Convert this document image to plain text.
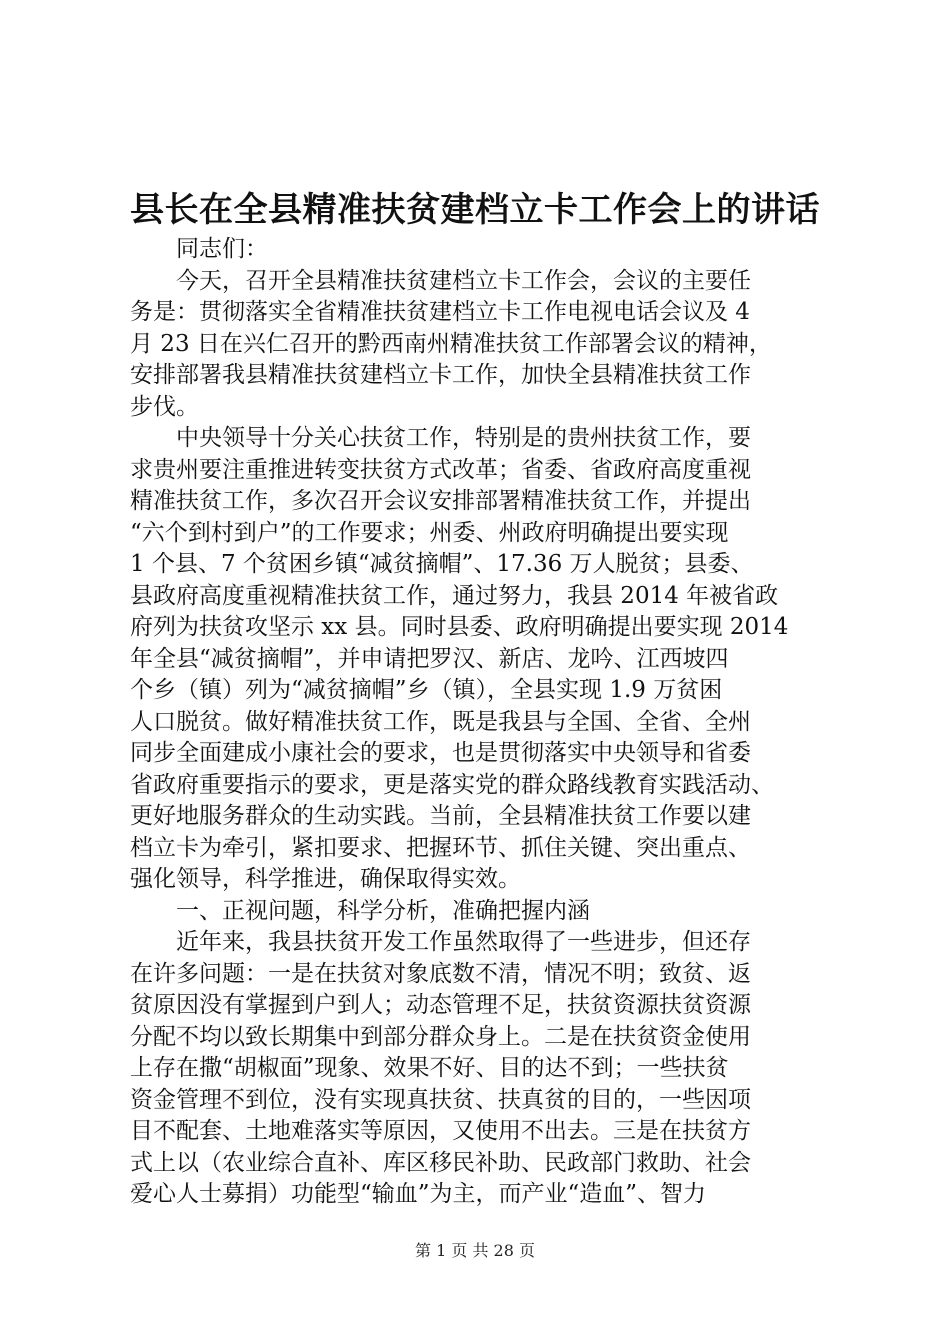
县长在全县精准扶贫建档立卡工作会上的讲话
　　同志们：
　　今天，召开全县精准扶贫建档立卡工作会，会议的主要任
务是：贯彻落实全省精准扶贫建档立卡工作电视电话会议及 4
月 23 日在兴仁召开的黔西南州精准扶贫工作部署会议的精神，
安排部署我县精准扶贫建档立卡工作，加快全县精准扶贫工作
步伐。
　　中央领导十分关心扶贫工作，特别是的贵州扶贫工作，要
求贵州要注重推进转变扶贫方式改革；省委、省政府高度重视
精准扶贫工作，多次召开会议安排部署精准扶贫工作，并提出
“六个到村到户”的工作要求；州委、州政府明确提出要实现
1 个县、7 个贫困乡镇“减贫摘帽”、17.36 万人脱贫；县委、
县政府高度重视精准扶贫工作，通过努力，我县 2014 年被省政
府列为扶贫攻坚示 xx 县。同时县委、政府明确提出要实现 2014
年全县“减贫摘帽”，并申请把罗汉、新店、龙吟、江西坡四
个乡（镇）列为“减贫摘帽”乡（镇），全县实现 1.9 万贫困
人口脱贫。做好精准扶贫工作，既是我县与全国、全省、全州
同步全面建成小康社会的要求，也是贯彻落实中央领导和省委
省政府重要指示的要求，更是落实党的群众路线教育实践活动、
更好地服务群众的生动实践。当前，全县精准扶贫工作要以建
档立卡为牵引，紧扣要求、把握环节、抓住关键、突出重点、
强化领导，科学推进，确保取得实效。
　　一、正视问题，科学分析，准确把握内涵
　　近年来，我县扶贫开发工作虽然取得了一些进步，但还存
在许多问题：一是在扶贫对象底数不清，情况不明；致贫、返
贫原因没有掌握到户到人；动态管理不足，扶贫资源扶贫资源
分配不均以致长期集中到部分群众身上。二是在扶贫资金使用
上存在撒“胡椒面”现象、效果不好、目的达不到；一些扶贫
资金管理不到位，没有实现真扶贫、扶真贫的目的，一些因项
目不配套、土地难落实等原因，又使用不出去。三是在扶贫方
式上以（农业综合直补、库区移民补助、民政部门救助、社会
爱心人士募捐）功能型“输血”为主，而产业“造血”、智力
第 1 页 共 28 页
